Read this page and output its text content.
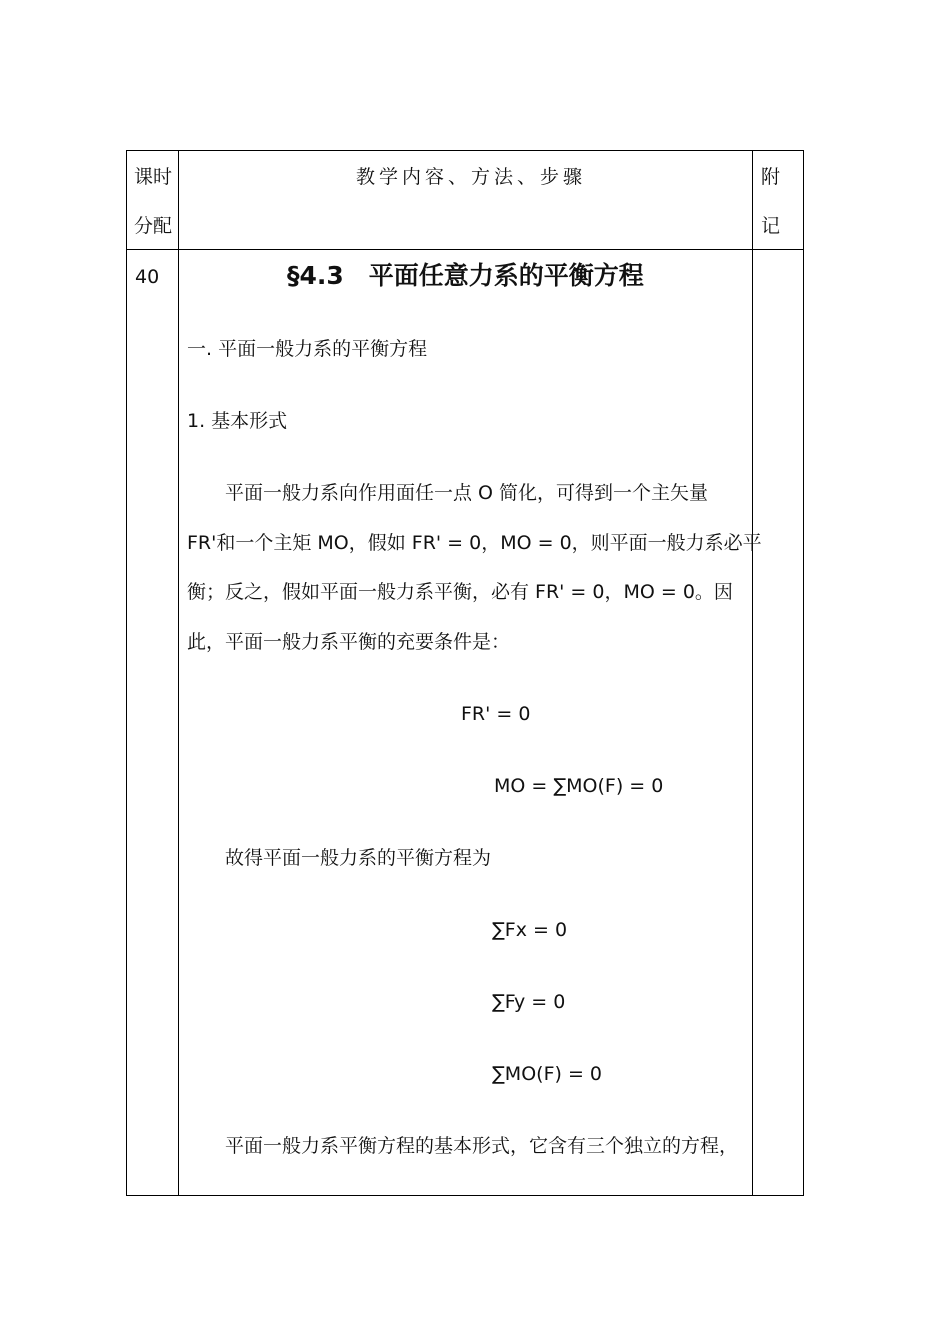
课时
分配
教学内容、方法、步骤	附
记
40	§4.3　平面任意力系的平衡方程
一. 平面一般力系的平衡方程
1. 基本形式
平面一般力系向作用面任一点 O 简化，可得到一个主矢量
FR'和一个主矩 MO，假如 FR' = 0，MO = 0，则平面一般力系必平
衡；反之，假如平面一般力系平衡，必有 FR' = 0，MO = 0。因
此，平面一般力系平衡的充要条件是：
FR' = 0
MO = ∑MO(F) = 0
故得平面一般力系的平衡方程为
∑Fx = 0
∑Fy = 0
∑MO(F) = 0
平面一般力系平衡方程的基本形式，它含有三个独立的方程，
